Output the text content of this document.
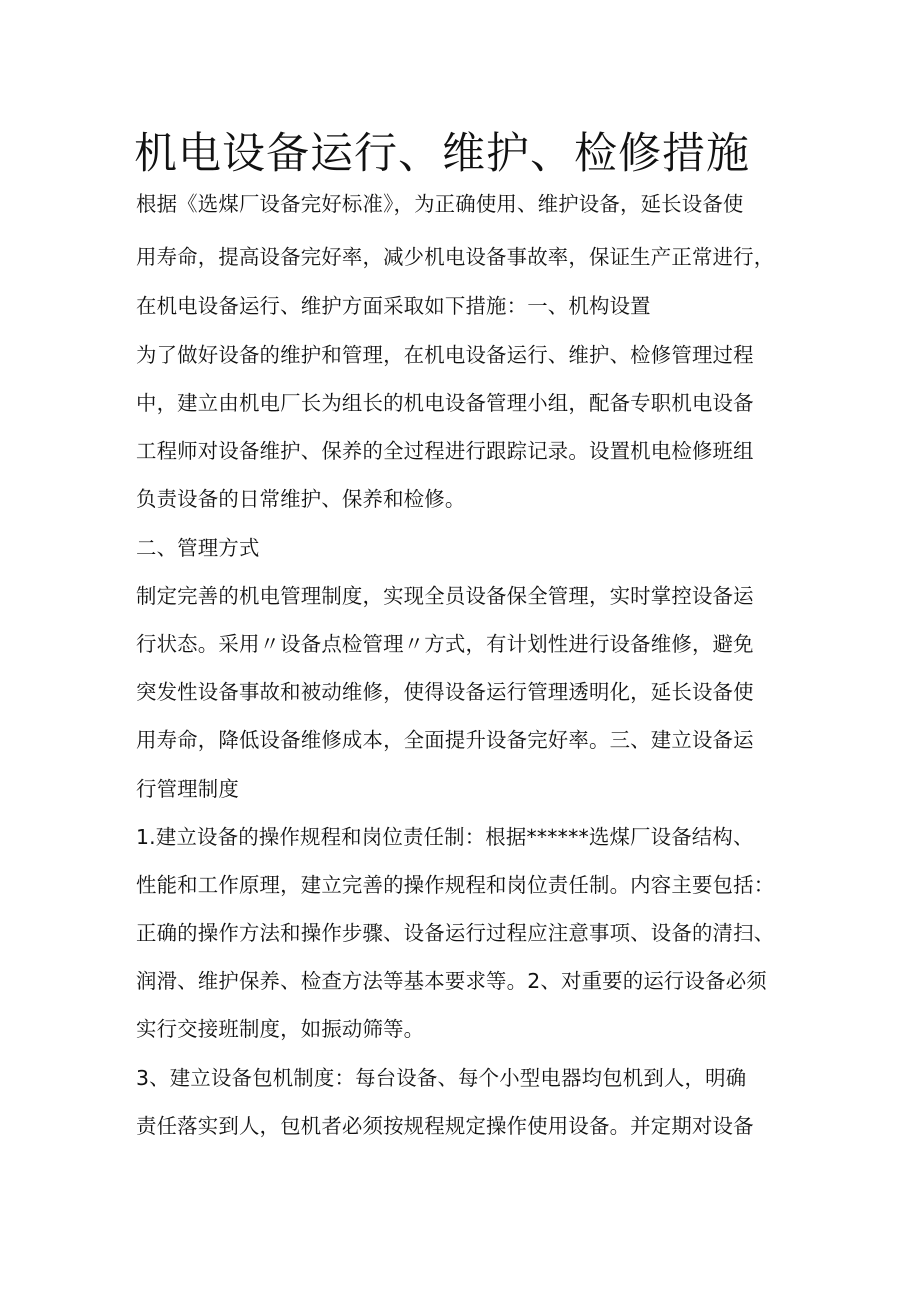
机电设备运行、维护、检修措施
根据《选煤厂设备完好标准》，为正确使用、维护设备，延长设备使
用寿命，提高设备完好率，减少机电设备事故率，保证生产正常进行，
在机电设备运行、维护方面采取如下措施：一、机构设置
为了做好设备的维护和管理，在机电设备运行、维护、检修管理过程
中，建立由机电厂长为组长的机电设备管理小组，配备专职机电设备
工程师对设备维护、保养的全过程进行跟踪记录。设置机电检修班组
负责设备的日常维护、保养和检修。
二、管理方式
制定完善的机电管理制度，实现全员设备保全管理，实时掌控设备运
行状态。采用〃设备点检管理〃方式，有计划性进行设备维修，避免
突发性设备事故和被动维修，使得设备运行管理透明化，延长设备使
用寿命，降低设备维修成本，全面提升设备完好率。三、建立设备运
行管理制度
1.建立设备的操作规程和岗位责任制：根据******选煤厂设备结构、
性能和工作原理，建立完善的操作规程和岗位责任制。内容主要包括：
正确的操作方法和操作步骤、设备运行过程应注意事项、设备的清扫、
润滑、维护保养、检查方法等基本要求等。2、对重要的运行设备必须
实行交接班制度，如振动筛等。
3、建立设备包机制度：每台设备、每个小型电器均包机到人，明确
责任落实到人，包机者必须按规程规定操作使用设备。并定期对设备
